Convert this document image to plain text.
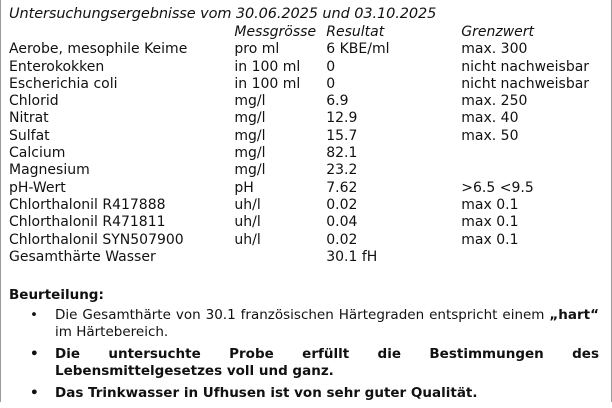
Untersuchungsergebnisse vom 30.06.2025 und 03.10.2025
	Messgrösse	Resultat	Grenzwert
Aerobe, mesophile Keime	pro ml	6 KBE/ml	max. 300
Enterokokken	in 100 ml	0	nicht nachweisbar
Escherichia coli	in 100 ml	0	nicht nachweisbar
Chlorid	mg/l	6.9	max. 250
Nitrat	mg/l	12.9	max. 40
Sulfat	mg/l	15.7	max. 50
Calcium	mg/l	82.1	
Magnesium	mg/l	23.2	
pH-Wert	pH	7.62	>6.5 <9.5
Chlorthalonil R417888	uh/l	0.02	max 0.1
Chlorthalonil R471811	uh/l	0.04	max 0.1
Chlorthalonil SYN507900	uh/l	0.02	max 0.1
Gesamthärte Wasser		30.1 fH	
Beurteilung:
• Die Gesamthärte von 30.1 französischen Härtegraden entspricht einem „hart“ im Härtebereich.
• Die untersuchte Probe erfüllt die Bestimmungen des Lebensmittelgesetzes voll und ganz.
• Das Trinkwasser in Ufhusen ist von sehr guter Qualität.
